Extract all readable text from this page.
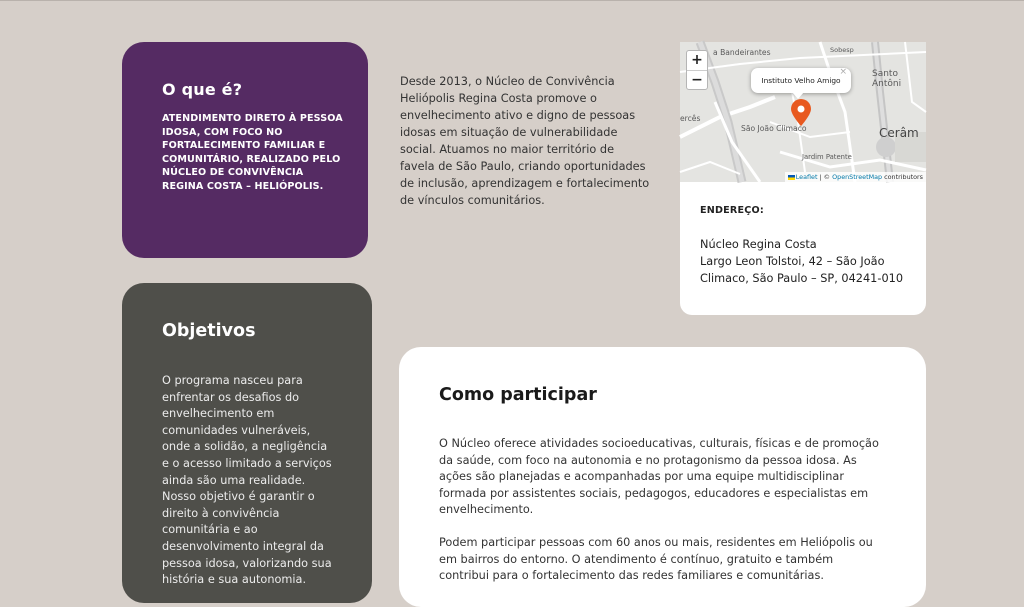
O que é?

ATENDIMENTO DIRETO À PESSOA IDOSA, COM FOCO NO FORTALECIMENTO FAMILIAR E COMUNITÁRIO, REALIZADO PELO NÚCLEO DE CONVIVÊNCIA REGINA COSTA – HELIÓPOLIS.

Desde 2013, o Núcleo de Convivência Heliópolis Regina Costa promove o envelhecimento ativo e digno de pessoas idosas em situação de vulnerabilidade social. Atuamos no maior território de favela de São Paulo, criando oportunidades de inclusão, aprendizagem e fortalecimento de vínculos comunitários.

a Bandeirantes	Sobesp
Santo Antôni
São João Climaco
Jardim Patente
Cerâm
ercês
+
−	Instituto Velho Amigo
×
Leaflet | © OpenStreetMap contributors
ENDEREÇO:
Núcleo Regina Costa
Largo Leon Tolstoi, 42 – São João
Climaco, São Paulo – SP, 04241-010
Objetivos

O programa nasceu para enfrentar os desafios do envelhecimento em comunidades vulneráveis, onde a solidão, a negligência e o acesso limitado a serviços ainda são uma realidade. Nosso objetivo é garantir o direito à convivência comunitária e ao desenvolvimento integral da pessoa idosa, valorizando sua história e sua autonomia.

Como participar

O Núcleo oferece atividades socioeducativas, culturais, físicas e de promoção da saúde, com foco na autonomia e no protagonismo da pessoa idosa. As ações são planejadas e acompanhadas por uma equipe multidisciplinar formada por assistentes sociais, pedagogos, educadores e especialistas em envelhecimento.

Podem participar pessoas com 60 anos ou mais, residentes em Heliópolis ou em bairros do entorno. O atendimento é contínuo, gratuito e também contribui para o fortalecimento das redes familiares e comunitárias.
